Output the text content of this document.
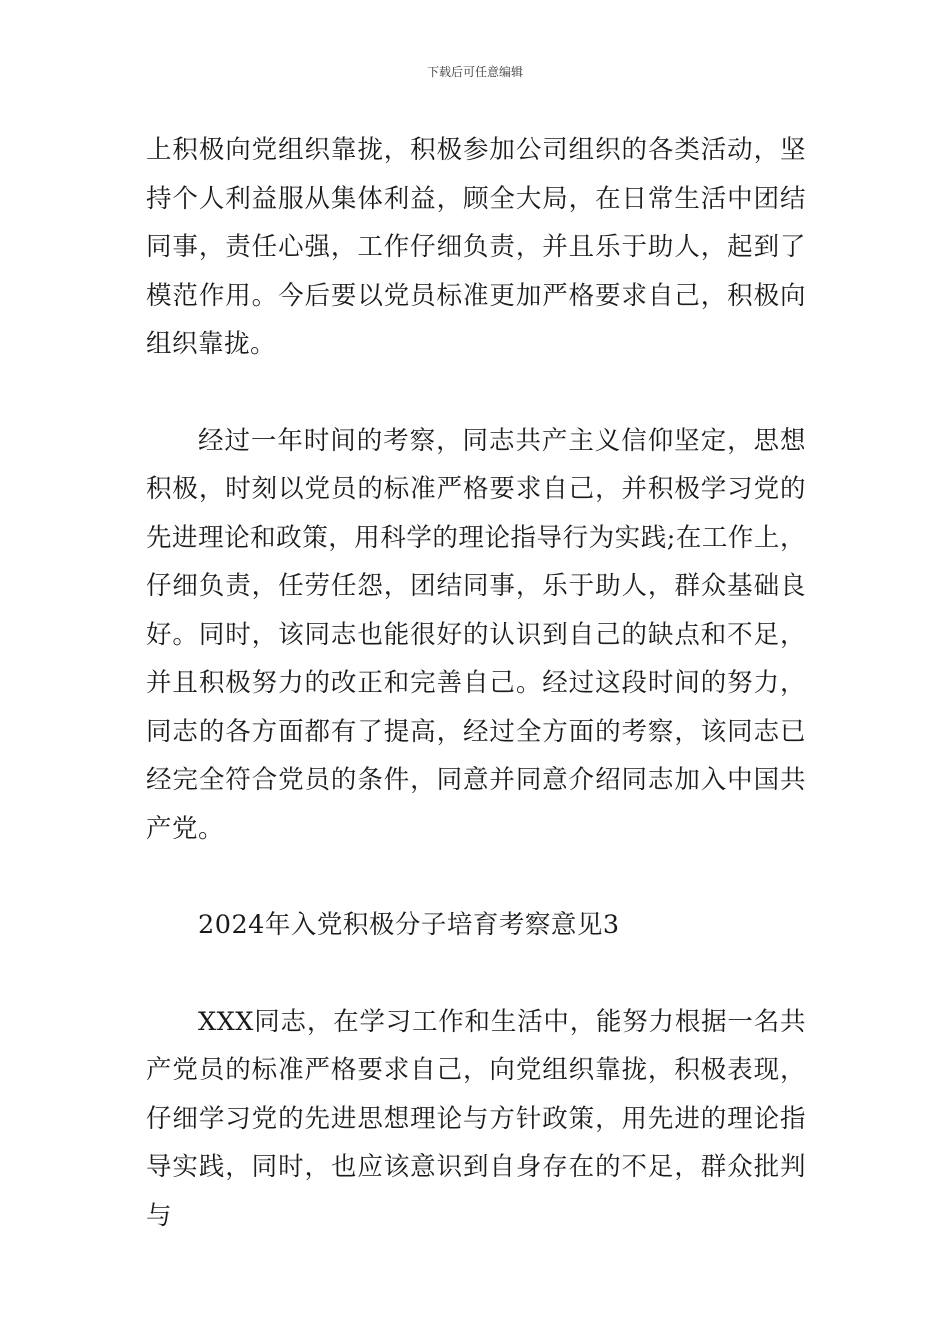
下载后可任意编辑

上积极向党组织靠拢，积极参加公司组织的各类活动，坚持个人利益服从集体利益，顾全大局，在日常生活中团结同事，责任心强，工作仔细负责，并且乐于助人，起到了模范作用。今后要以党员标准更加严格要求自己，积极向组织靠拢。

经过一年时间的考察，同志共产主义信仰坚定，思想积极，时刻以党员的标准严格要求自己，并积极学习党的先进理论和政策，用科学的理论指导行为实践;在工作上，仔细负责，任劳任怨，团结同事，乐于助人，群众基础良好。同时，该同志也能很好的认识到自己的缺点和不足，并且积极努力的改正和完善自己。经过这段时间的努力，同志的各方面都有了提高，经过全方面的考察，该同志已经完全符合党员的条件，同意并同意介绍同志加入中国共产党。

2024年入党积极分子培育考察意见3

XXX同志，在学习工作和生活中，能努力根据一名共产党员的标准严格要求自己，向党组织靠拢，积极表现，仔细学习党的先进思想理论与方针政策，用先进的理论指导实践，同时，也应该意识到自身存在的不足，群众批判与
